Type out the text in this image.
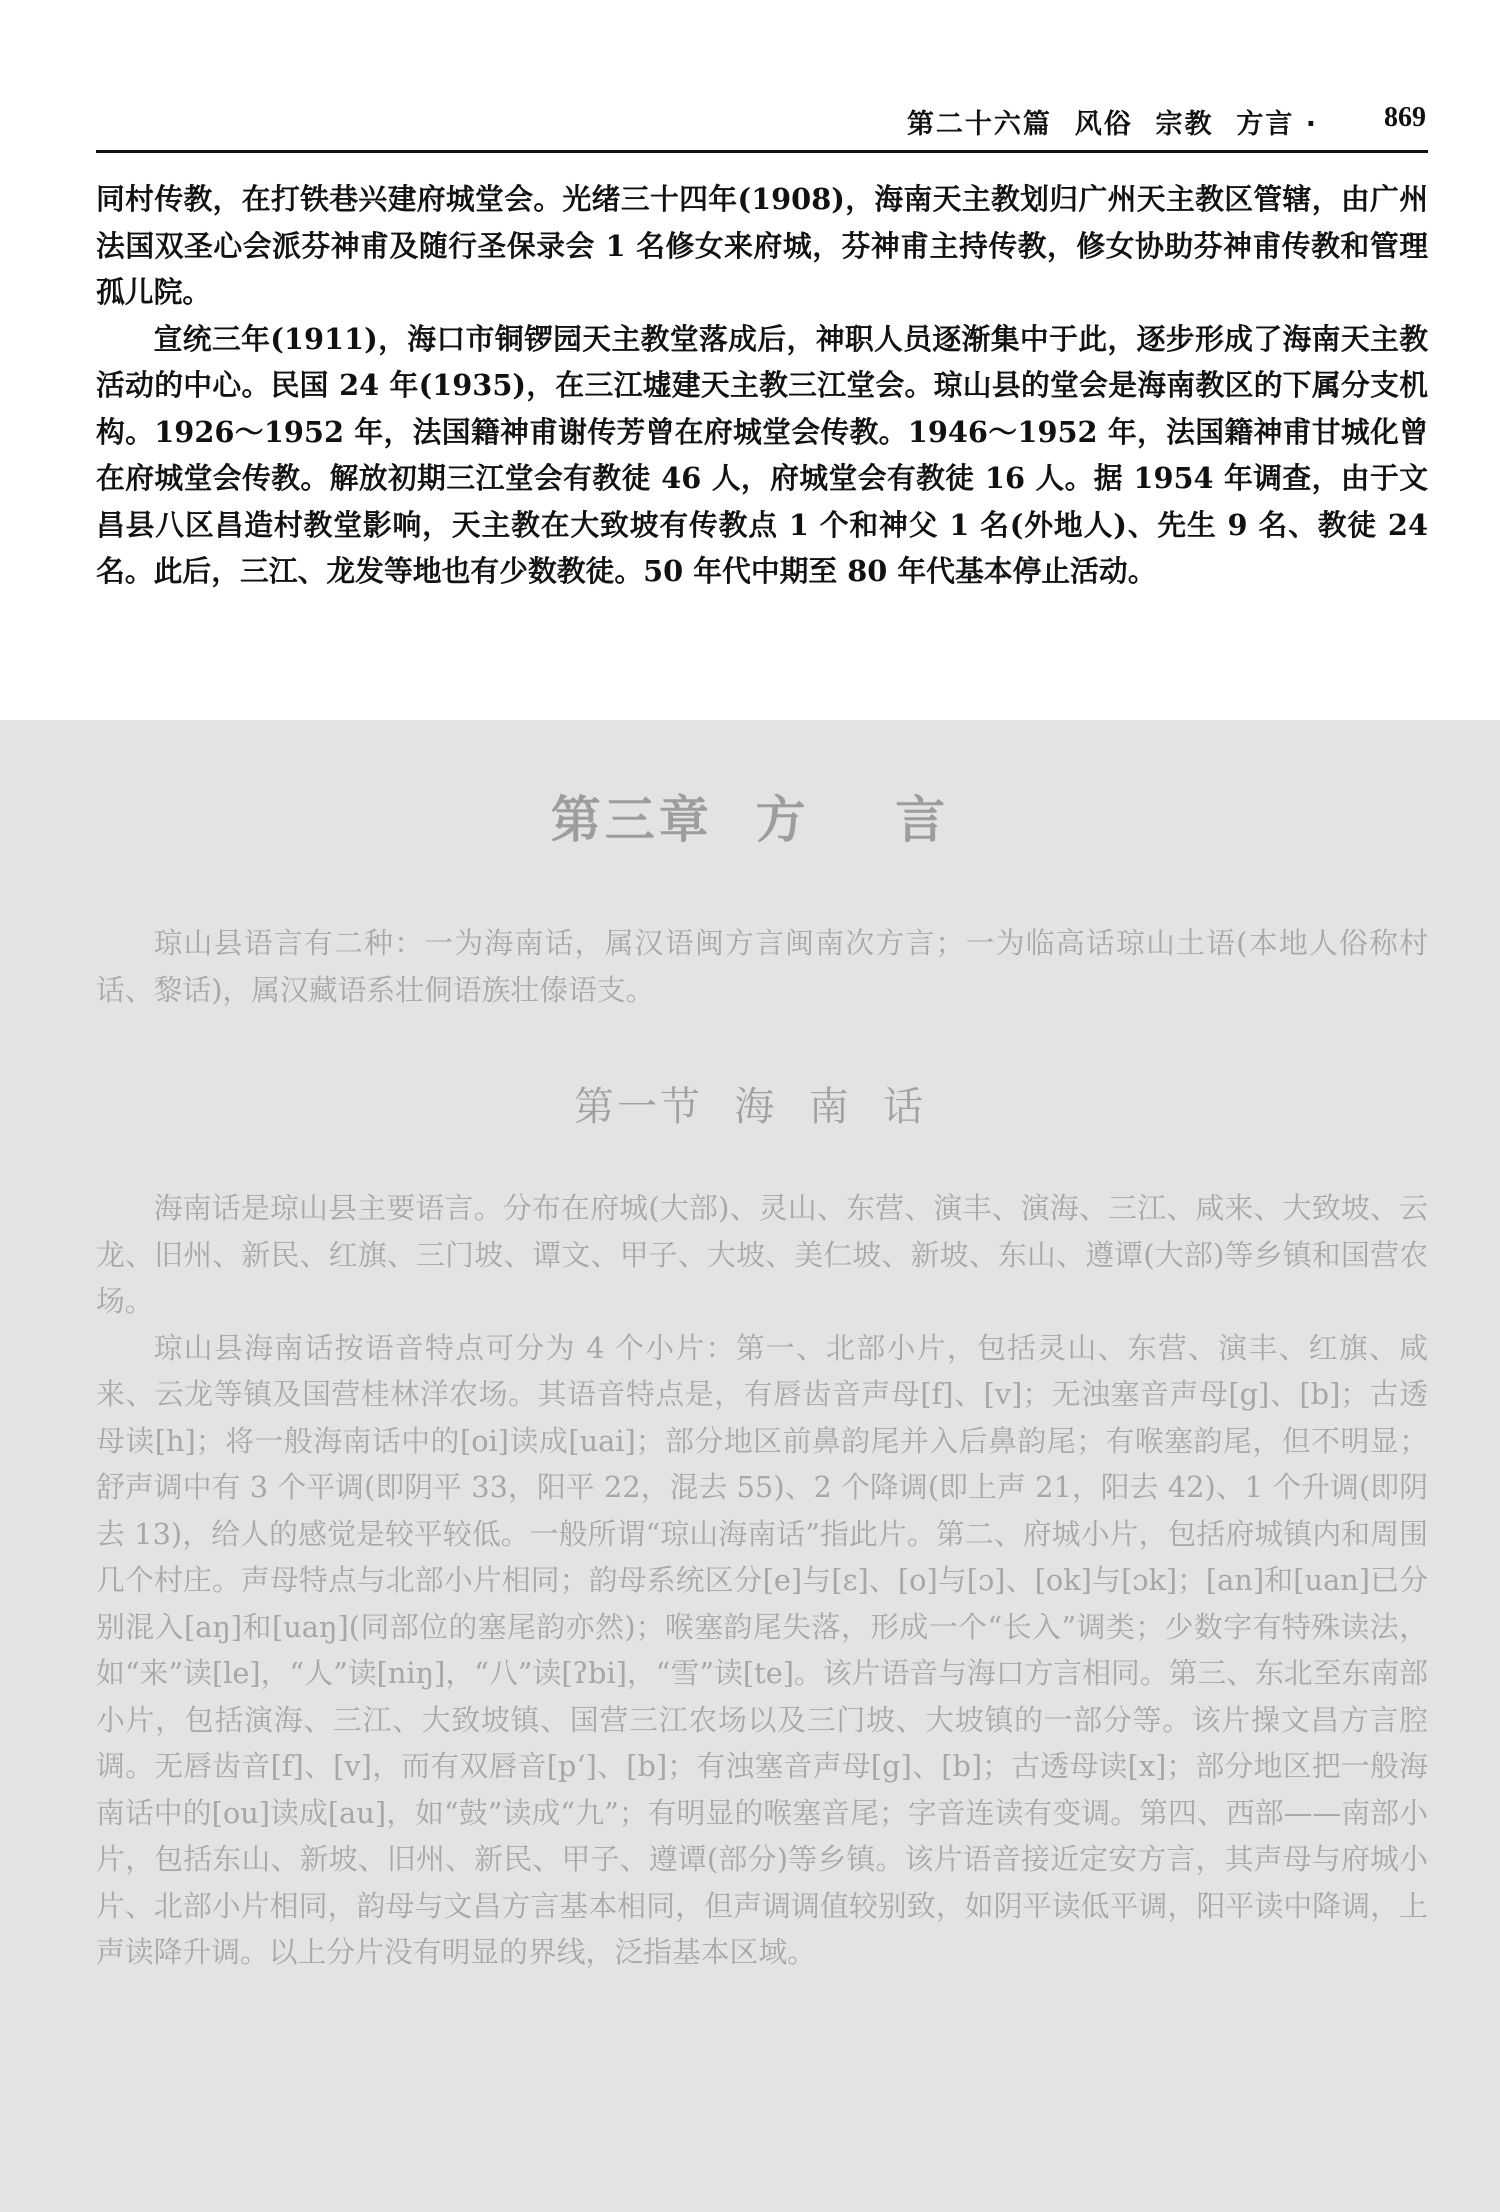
第二十六篇  风俗  宗教  方言 · 869

同村传教，在打铁巷兴建府城堂会。光绪三十四年(1908)，海南天主教划归广州天主教区管辖，由广州法国双圣心会派芬神甫及随行圣保录会 1 名修女来府城，芬神甫主持传教，修女协助芬神甫传教和管理孤儿院。

宣统三年(1911)，海口市铜锣园天主教堂落成后，神职人员逐渐集中于此，逐步形成了海南天主教活动的中心。民国 24 年(1935)，在三江墟建天主教三江堂会。琼山县的堂会是海南教区的下属分支机构。1926～1952 年，法国籍神甫谢传芳曾在府城堂会传教。1946～1952 年，法国籍神甫甘城化曾在府城堂会传教。解放初期三江堂会有教徒 46 人，府城堂会有教徒 16 人。据 1954 年调查，由于文昌县八区昌造村教堂影响，天主教在大致坡有传教点 1 个和神父 1 名(外地人)、先生 9 名、教徒 24 名。此后，三江、龙发等地也有少数教徒。50 年代中期至 80 年代基本停止活动。

第三章  方    言

琼山县语言有二种：一为海南话，属汉语闽方言闽南次方言；一为临高话琼山土语(本地人俗称村话、黎话)，属汉藏语系壮侗语族壮傣语支。

第一节  海  南  话

海南话是琼山县主要语言。分布在府城(大部)、灵山、东营、演丰、演海、三江、咸来、大致坡、云龙、旧州、新民、红旗、三门坡、谭文、甲子、大坡、美仁坡、新坡、东山、遵谭(大部)等乡镇和国营农场。

琼山县海南话按语音特点可分为 4 个小片：第一、北部小片，包括灵山、东营、演丰、红旗、咸来、云龙等镇及国营桂林洋农场。其语音特点是，有唇齿音声母[f]、[v]；无浊塞音声母[g]、[b]；古透母读[h]；将一般海南话中的[oi]读成[uai]；部分地区前鼻韵尾并入后鼻韵尾；有喉塞韵尾，但不明显；舒声调中有 3 个平调(即阴平 33，阳平 22，混去 55)、2 个降调(即上声 21，阳去 42)、1 个升调(即阴去 13)，给人的感觉是较平较低。一般所谓“琼山海南话”指此片。第二、府城小片，包括府城镇内和周围几个村庄。声母特点与北部小片相同；韵母系统区分[e]与[ɛ]、[o]与[ɔ]、[ok]与[ɔk]；[an]和[uan]已分别混入[aŋ]和[uaŋ](同部位的塞尾韵亦然)；喉塞韵尾失落，形成一个“长入”调类；少数字有特殊读法，如“来”读[le]，“人”读[niŋ]，“八”读[ʔbi]，“雪”读[te]。该片语音与海口方言相同。第三、东北至东南部小片，包括演海、三江、大致坡镇、国营三江农场以及三门坡、大坡镇的一部分等。该片操文昌方言腔调。无唇齿音[f]、[v]，而有双唇音[pʻ]、[b]；有浊塞音声母[g]、[b]；古透母读[x]；部分地区把一般海南话中的[ou]读成[au]，如“鼓”读成“九”；有明显的喉塞音尾；字音连读有变调。第四、西部——南部小片，包括东山、新坡、旧州、新民、甲子、遵谭(部分)等乡镇。该片语音接近定安方言，其声母与府城小片、北部小片相同，韵母与文昌方言基本相同，但声调调值较别致，如阴平读低平调，阳平读中降调，上声读降升调。以上分片没有明显的界线，泛指基本区域。
